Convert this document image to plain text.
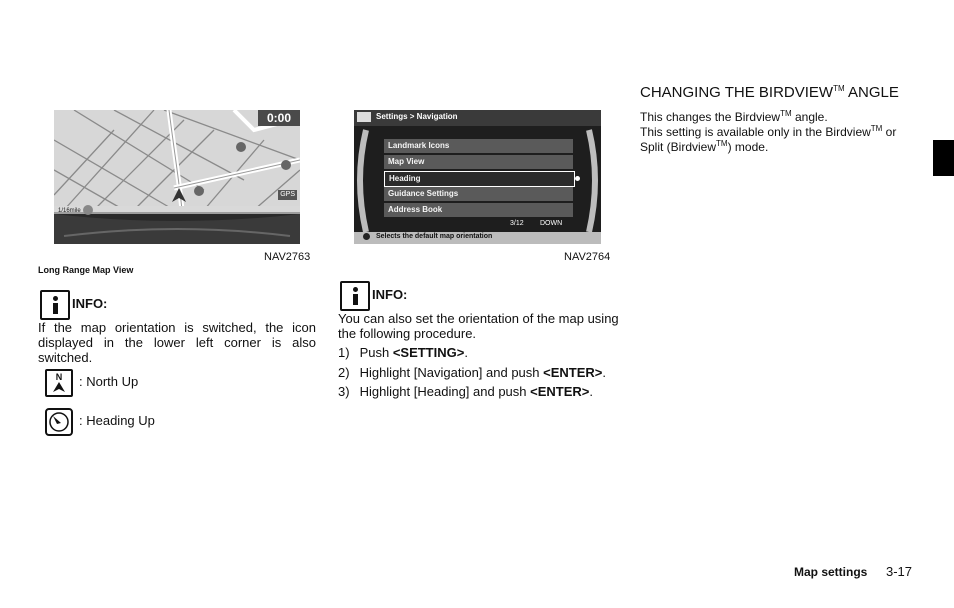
0:00
GPS
1/16mile
NAV2763
Long Range Map View
INFO:
If the map orientation is switched, the icon displayed in the lower left corner is also switched.
N	: North Up
: Heading Up
Settings > Navigation
Landmark Icons
Map View
Heading
Guidance Settings
Address Book
3/12 DOWN
Selects the default map orientation
NAV2764
INFO:
You can also set the orientation of the map using the following procedure.
1) Push <SETTING>.
2) Highlight [Navigation] and push <ENTER>.
3) Highlight [Heading] and push <ENTER>.
CHANGING THE BIRDVIEW™ ANGLE
This changes the Birdview™ angle.
This setting is available only in the Birdview™ or
Split (Birdview™) mode.
Map settings 3-17
